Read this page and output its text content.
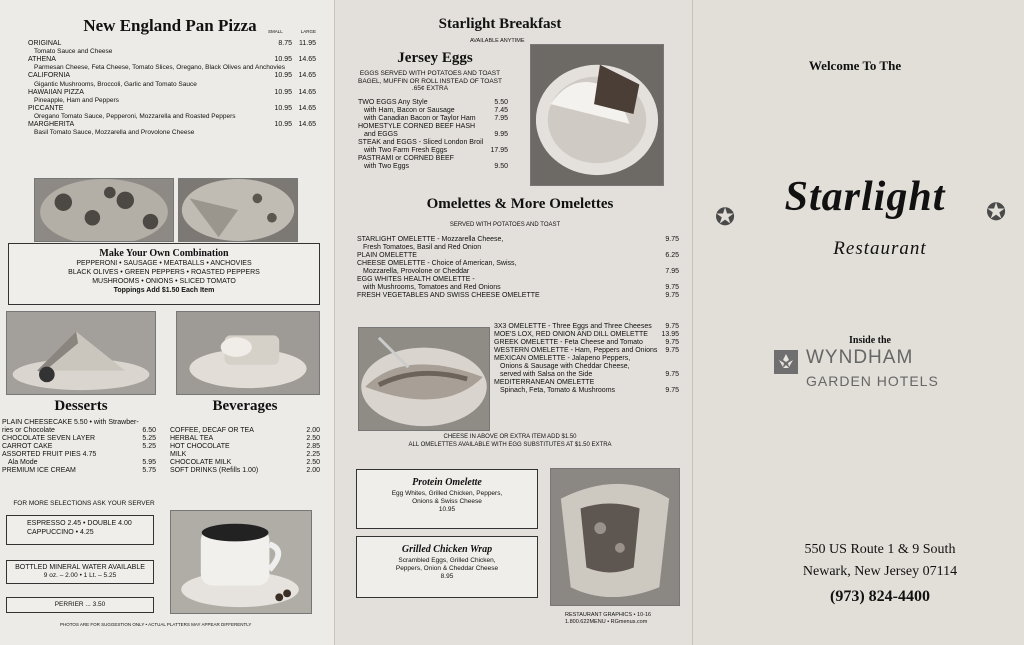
New England Pan Pizza	SMALL	LARGE
ORIGINAL	8.75	11.95
Tomato Sauce and Cheese
ATHENA	10.95 14.65
Parmesan Cheese, Feta Cheese, Tomato Slices, Oregano, Black Olives and Anchovies
CALIFORNIA	10.95 14.65
Gigantic Mushrooms, Broccoli, Garlic and Tomato Sauce
HAWAIIAN PIZZA	10.95 14.65
Pineapple, Ham and Peppers
PICCANTE	10.95 14.65
Oregano Tomato Sauce, Pepperoni, Mozzarella and Roasted Peppers
MARGHERITA	10.95 14.65
Basil Tomato Sauce, Mozzarella and Provolone Cheese
Make Your Own Combination
PEPPERONI • SAUSAGE • MEATBALLS • ANCHOVIES
BLACK OLIVES • GREEN PEPPERS • ROASTED PEPPERS
MUSHROOMS • ONIONS • SLICED TOMATO
Toppings Add $1.50 Each Item
Desserts	Beverages
PLAIN CHEESECAKE 5.50 • with Strawber-
ries or Chocolate	6.50
CHOCOLATE SEVEN LAYER	5.25
CARROT CAKE	5.25
ASSORTED FRUIT PIES 4.75
Ala Mode	5.95
PREMIUM ICE CREAM	5.75
COFFEE, DECAF OR TEA	2.00
HERBAL TEA	2.50
HOT CHOCOLATE	2.85
MILK	2.25
CHOCOLATE MILK	2.50
SOFT DRINKS (Refills 1.00)	2.00
FOR MORE SELECTIONS ASK YOUR SERVER
ESPRESSO 2.45 • DOUBLE 4.00
CAPPUCCINO • 4.25
BOTTLED MINERAL WATER AVAILABLE
9 oz. – 2.00 • 1 Lt. – 5.25
PERRIER ... 3.50
PHOTOS ARE FOR SUGGESTION ONLY • ACTUAL PLATTERS MAY APPEAR DIFFERENTLY
Starlight Breakfast
AVAILABLE ANYTIME
Jersey Eggs
EGGS SERVED WITH POTATOES AND TOAST BAGEL, MUFFIN OR ROLL INSTEAD OF TOAST .65¢ EXTRA
TWO EGGS Any Style	5.50
with Ham, Bacon or Sausage	7.45
with Canadian Bacon or Taylor Ham	7.95
HOMESTYLE CORNED BEEF HASH
and EGGS	9.95
STEAK and EGGS - Sliced London Broil
with Two Farm Fresh Eggs	17.95
PASTRAMI or CORNED BEEF
with Two Eggs	9.50
Omelettes & More Omelettes
SERVED WITH POTATOES AND TOAST
STARLIGHT OMELETTE - Mozzarella Cheese,	9.75
Fresh Tomatoes, Basil and Red Onion
PLAIN OMELETTE	6.25
CHEESE OMELETTE - Choice of American, Swiss,
Mozzarella, Provolone or Cheddar	7.95
EGG WHITES HEALTH OMELETTE -
with Mushrooms, Tomatoes and Red Onions	9.75
FRESH VEGETABLES AND SWISS CHEESE OMELETTE	9.75
3X3 OMELETTE - Three Eggs and Three Cheeses 9.75
MOE'S LOX, RED ONION AND DILL OMELETTE 13.95
GREEK OMELETTE - Feta Cheese and Tomato	9.75
WESTERN OMELETTE - Ham, Peppers and Onions 9.75
MEXICAN OMELETTE - Jalapeno Peppers,
Onions & Sausage with Cheddar Cheese,
served with Salsa on the Side	9.75
MEDITERRANEAN OMELETTE
Spinach, Feta, Tomato & Mushrooms	9.75
CHEESE IN ABOVE OR EXTRA ITEM ADD $1.50
ALL OMELETTES AVAILABLE WITH EGG SUBSTITUTES AT $1.50 EXTRA
Protein Omelette
Egg Whites, Grilled Chicken, Peppers,
Onions & Swiss Cheese
10.95
Grilled Chicken Wrap
Scrambled Eggs, Grilled Chicken,
Peppers, Onion & Cheddar Cheese
8.95
RESTAURANT GRAPHICS • 10-16
1.800.622MENU • RGmenus.com
Welcome To The
✪	✪
Starlight
Restaurant
Inside the
WYNDHAM
GARDEN HOTELS
550 US Route 1 & 9 South
Newark, New Jersey 07114
(973) 824-4400
